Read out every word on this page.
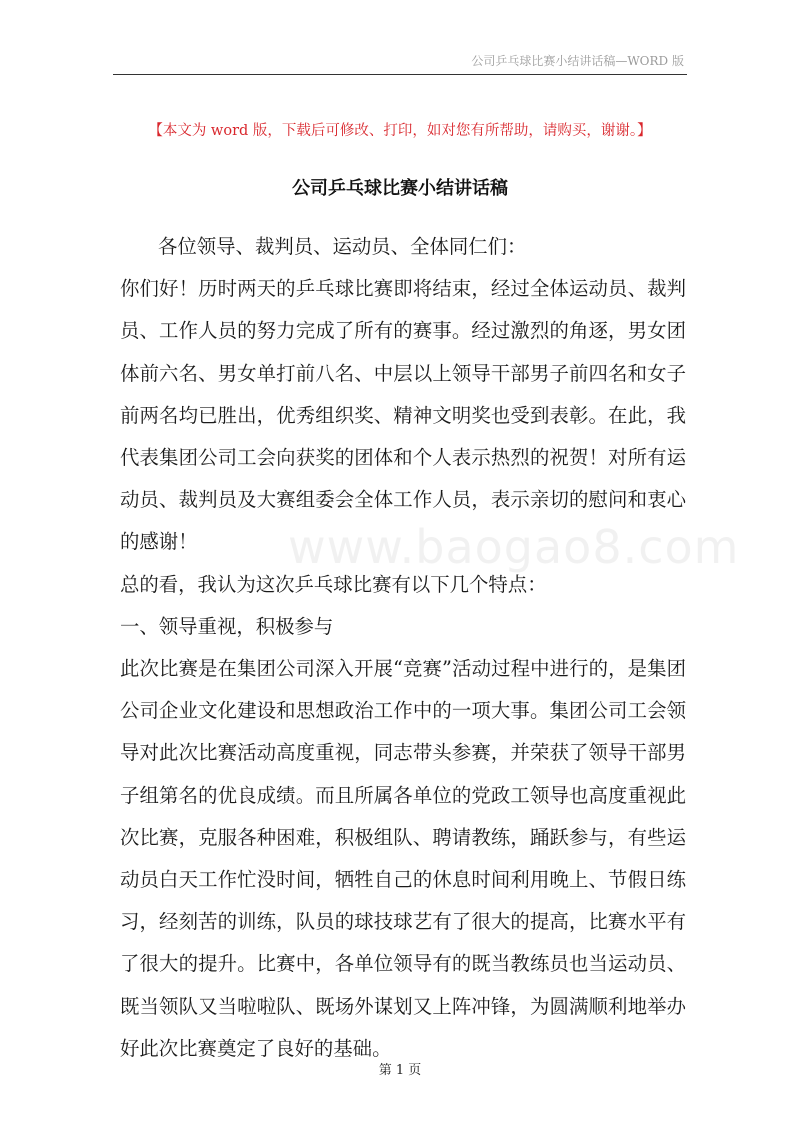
公司乒乓球比赛小结讲话稿—WORD 版
【本文为 word 版，下载后可修改、打印，如对您有所帮助，请购买，谢谢。】
公司乒乓球比赛小结讲话稿

各位领导、裁判员、运动员、全体同仁们：

你们好！历时两天的乒乓球比赛即将结束，经过全体运动员、裁判员、工作人员的努力完成了所有的赛事。经过激烈的角逐，男女团体前六名、男女单打前八名、中层以上领导干部男子前四名和女子前两名均已胜出，优秀组织奖、精神文明奖也受到表彰。在此，我代表集团公司工会向获奖的团体和个人表示热烈的祝贺！对所有运动员、裁判员及大赛组委会全体工作人员，表示亲切的慰问和衷心的感谢！

总的看，我认为这次乒乓球比赛有以下几个特点：

一、领导重视，积极参与

此次比赛是在集团公司深入开展“竞赛”活动过程中进行的，是集团公司企业文化建设和思想政治工作中的一项大事。集团公司工会领导对此次比赛活动高度重视，同志带头参赛，并荣获了领导干部男子组第名的优良成绩。而且所属各单位的党政工领导也高度重视此次比赛，克服各种困难，积极组队、聘请教练，踊跃参与，有些运动员白天工作忙没时间，牺牲自己的休息时间利用晚上、节假日练习，经刻苦的训练，队员的球技球艺有了很大的提高，比赛水平有了很大的提升。比赛中，各单位领导有的既当教练员也当运动员、既当领队又当啦啦队、既场外谋划又上阵冲锋，为圆满顺利地举办好此次比赛奠定了良好的基础。

www.baogao8.com
第 1 页
